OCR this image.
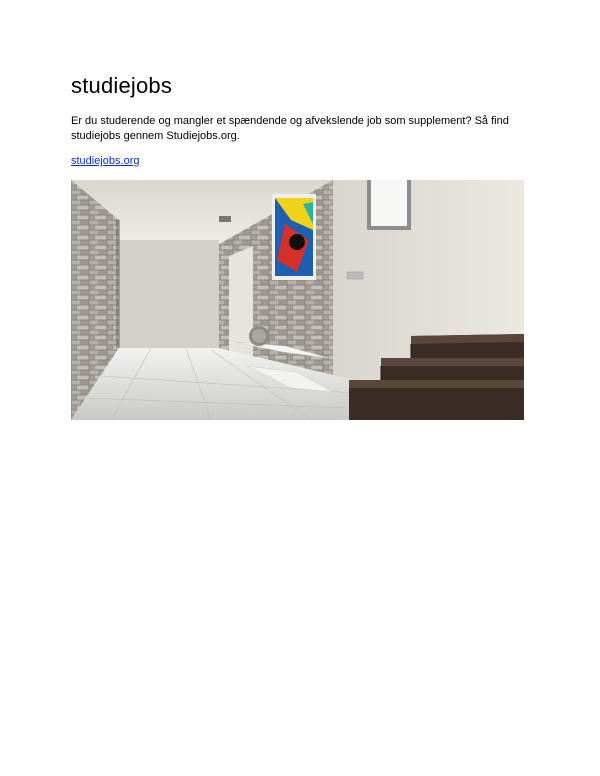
studiejobs

Er du studerende og mangler et spændende og afvekslende job som supplement? Så find studiejobs gennem Studiejobs.org.

studiejobs.org
